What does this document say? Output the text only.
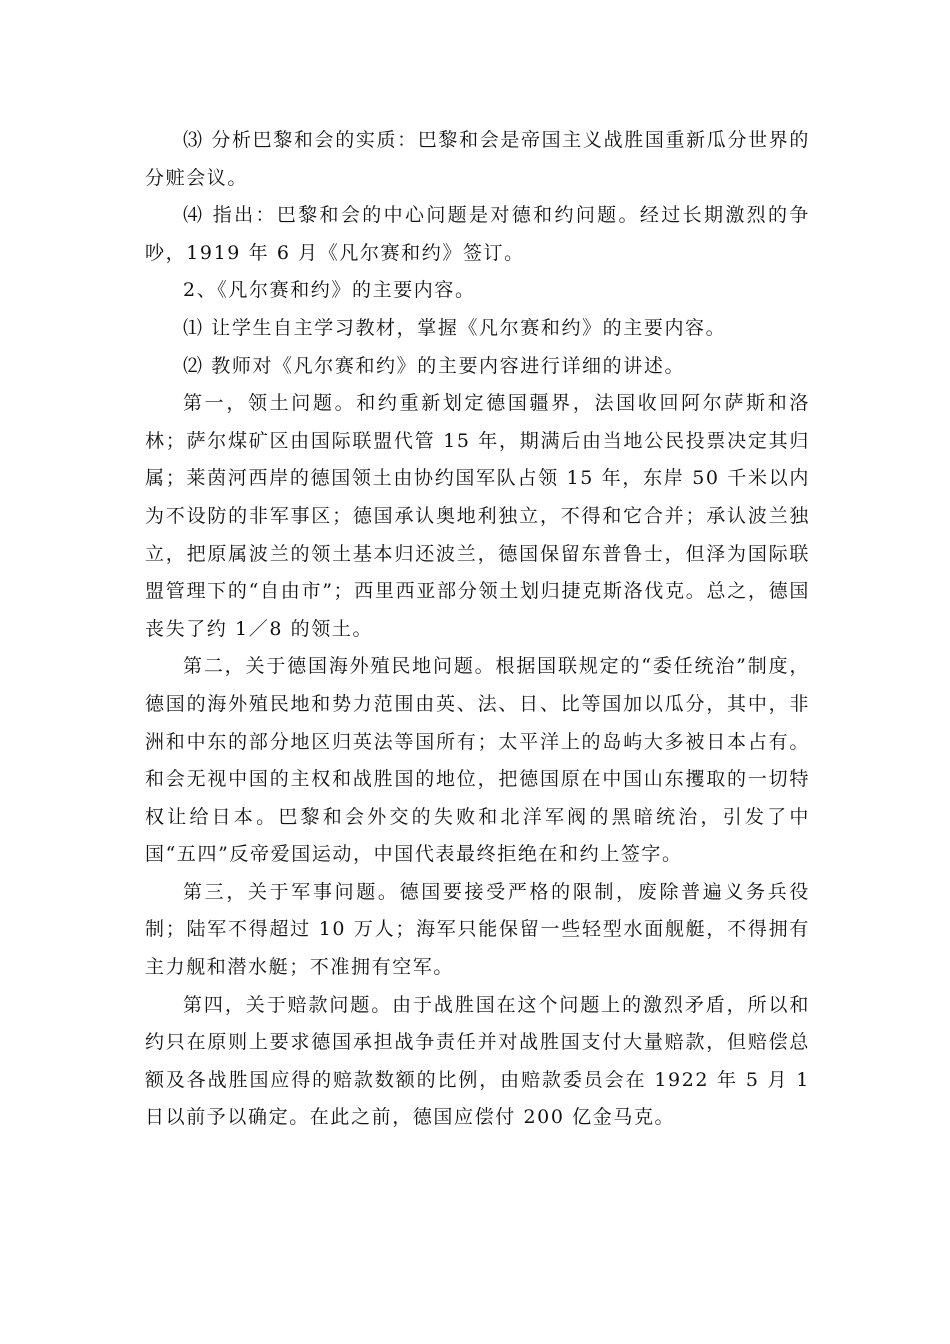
⑶ 分析巴黎和会的实质：巴黎和会是帝国主义战胜国重新瓜分世界的分赃会议。

⑷ 指出：巴黎和会的中心问题是对德和约问题。经过长期激烈的争吵，1919 年 6 月《凡尔赛和约》签订。

2、《凡尔赛和约》的主要内容。

⑴ 让学生自主学习教材，掌握《凡尔赛和约》的主要内容。

⑵ 教师对《凡尔赛和约》的主要内容进行详细的讲述。

第一，领土问题。和约重新划定德国疆界，法国收回阿尔萨斯和洛林；萨尔煤矿区由国际联盟代管 15 年，期满后由当地公民投票决定其归属；莱茵河西岸的德国领土由协约国军队占领 15 年，东岸 50 千米以内为不设防的非军事区；德国承认奥地利独立，不得和它合并；承认波兰独立，把原属波兰的领土基本归还波兰，德国保留东普鲁士，但泽为国际联盟管理下的“自由市”；西里西亚部分领土划归捷克斯洛伐克。总之，德国丧失了约 1／8 的领土。

第二，关于德国海外殖民地问题。根据国联规定的“委任统治”制度，德国的海外殖民地和势力范围由英、法、日、比等国加以瓜分，其中，非洲和中东的部分地区归英法等国所有；太平洋上的岛屿大多被日本占有。和会无视中国的主权和战胜国的地位，把德国原在中国山东攫取的一切特权让给日本。巴黎和会外交的失败和北洋军阀的黑暗统治，引发了中国“五四”反帝爱国运动，中国代表最终拒绝在和约上签字。

第三，关于军事问题。德国要接受严格的限制，废除普遍义务兵役制；陆军不得超过 10 万人；海军只能保留一些轻型水面舰艇，不得拥有主力舰和潜水艇；不准拥有空军。

第四，关于赔款问题。由于战胜国在这个问题上的激烈矛盾，所以和约只在原则上要求德国承担战争责任并对战胜国支付大量赔款，但赔偿总额及各战胜国应得的赔款数额的比例，由赔款委员会在 1922 年 5 月 1 日以前予以确定。在此之前，德国应偿付 200 亿金马克。
